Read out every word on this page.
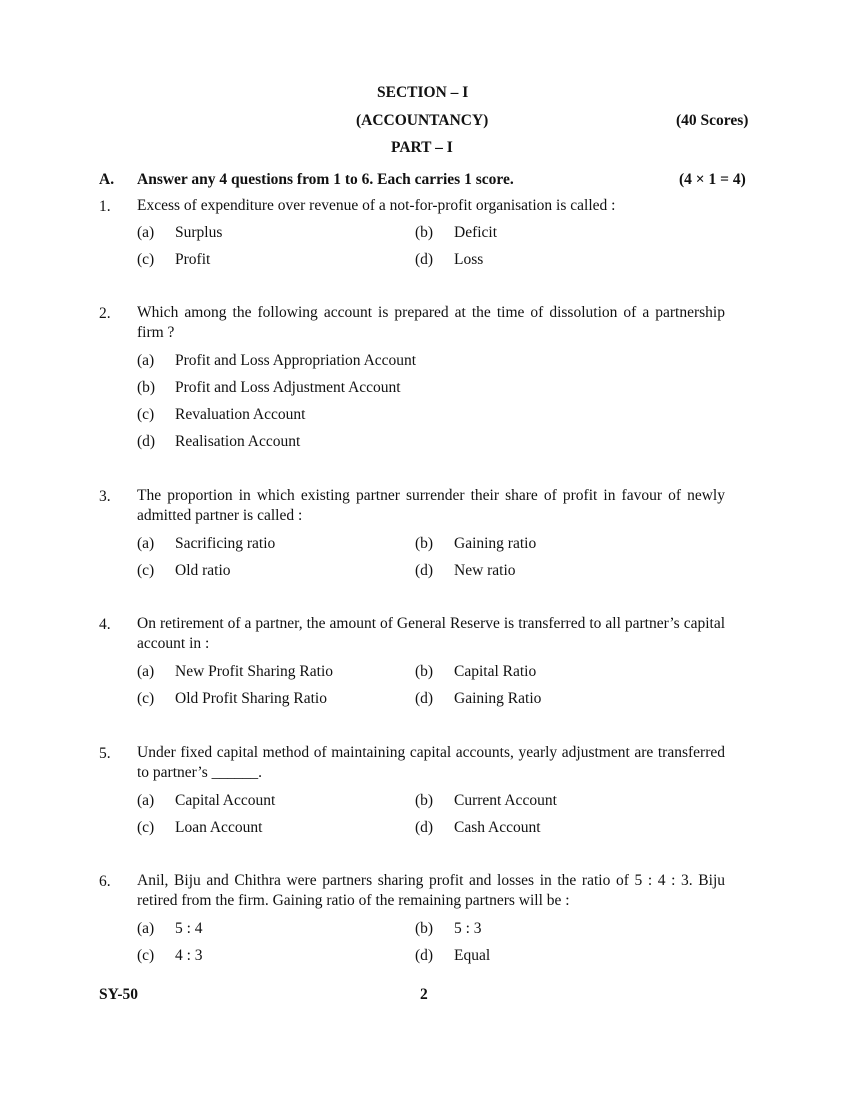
SECTION – I
(ACCOUNTANCY)	(40 Scores)
PART – I
A. Answer any 4 questions from 1 to 6. Each carries 1 score.	(4 × 1 = 4)
1. Excess of expenditure over revenue of a not-for-profit organisation is called :
(a) Surplus	(b) Deficit
(c) Profit	(d) Loss
2. Which among the following account is prepared at the time of dissolution of a partnership firm ?
(a) Profit and Loss Appropriation Account
(b) Profit and Loss Adjustment Account
(c) Revaluation Account
(d) Realisation Account
3. The proportion in which existing partner surrender their share of profit in favour of newly admitted partner is called :
(a) Sacrificing ratio	(b) Gaining ratio
(c) Old ratio	(d) New ratio
4. On retirement of a partner, the amount of General Reserve is transferred to all partner’s capital account in :
(a) New Profit Sharing Ratio	(b) Capital Ratio
(c) Old Profit Sharing Ratio	(d) Gaining Ratio
5. Under fixed capital method of maintaining capital accounts, yearly adjustment are transferred to partner’s ______.
(a) Capital Account	(b) Current Account
(c) Loan Account	(d) Cash Account
6. Anil, Biju and Chithra were partners sharing profit and losses in the ratio of 5 : 4 : 3. Biju retired from the firm. Gaining ratio of the remaining partners will be :
(a) 5 : 4	(b) 5 : 3
(c) 4 : 3	(d) Equal
SY-50	2
